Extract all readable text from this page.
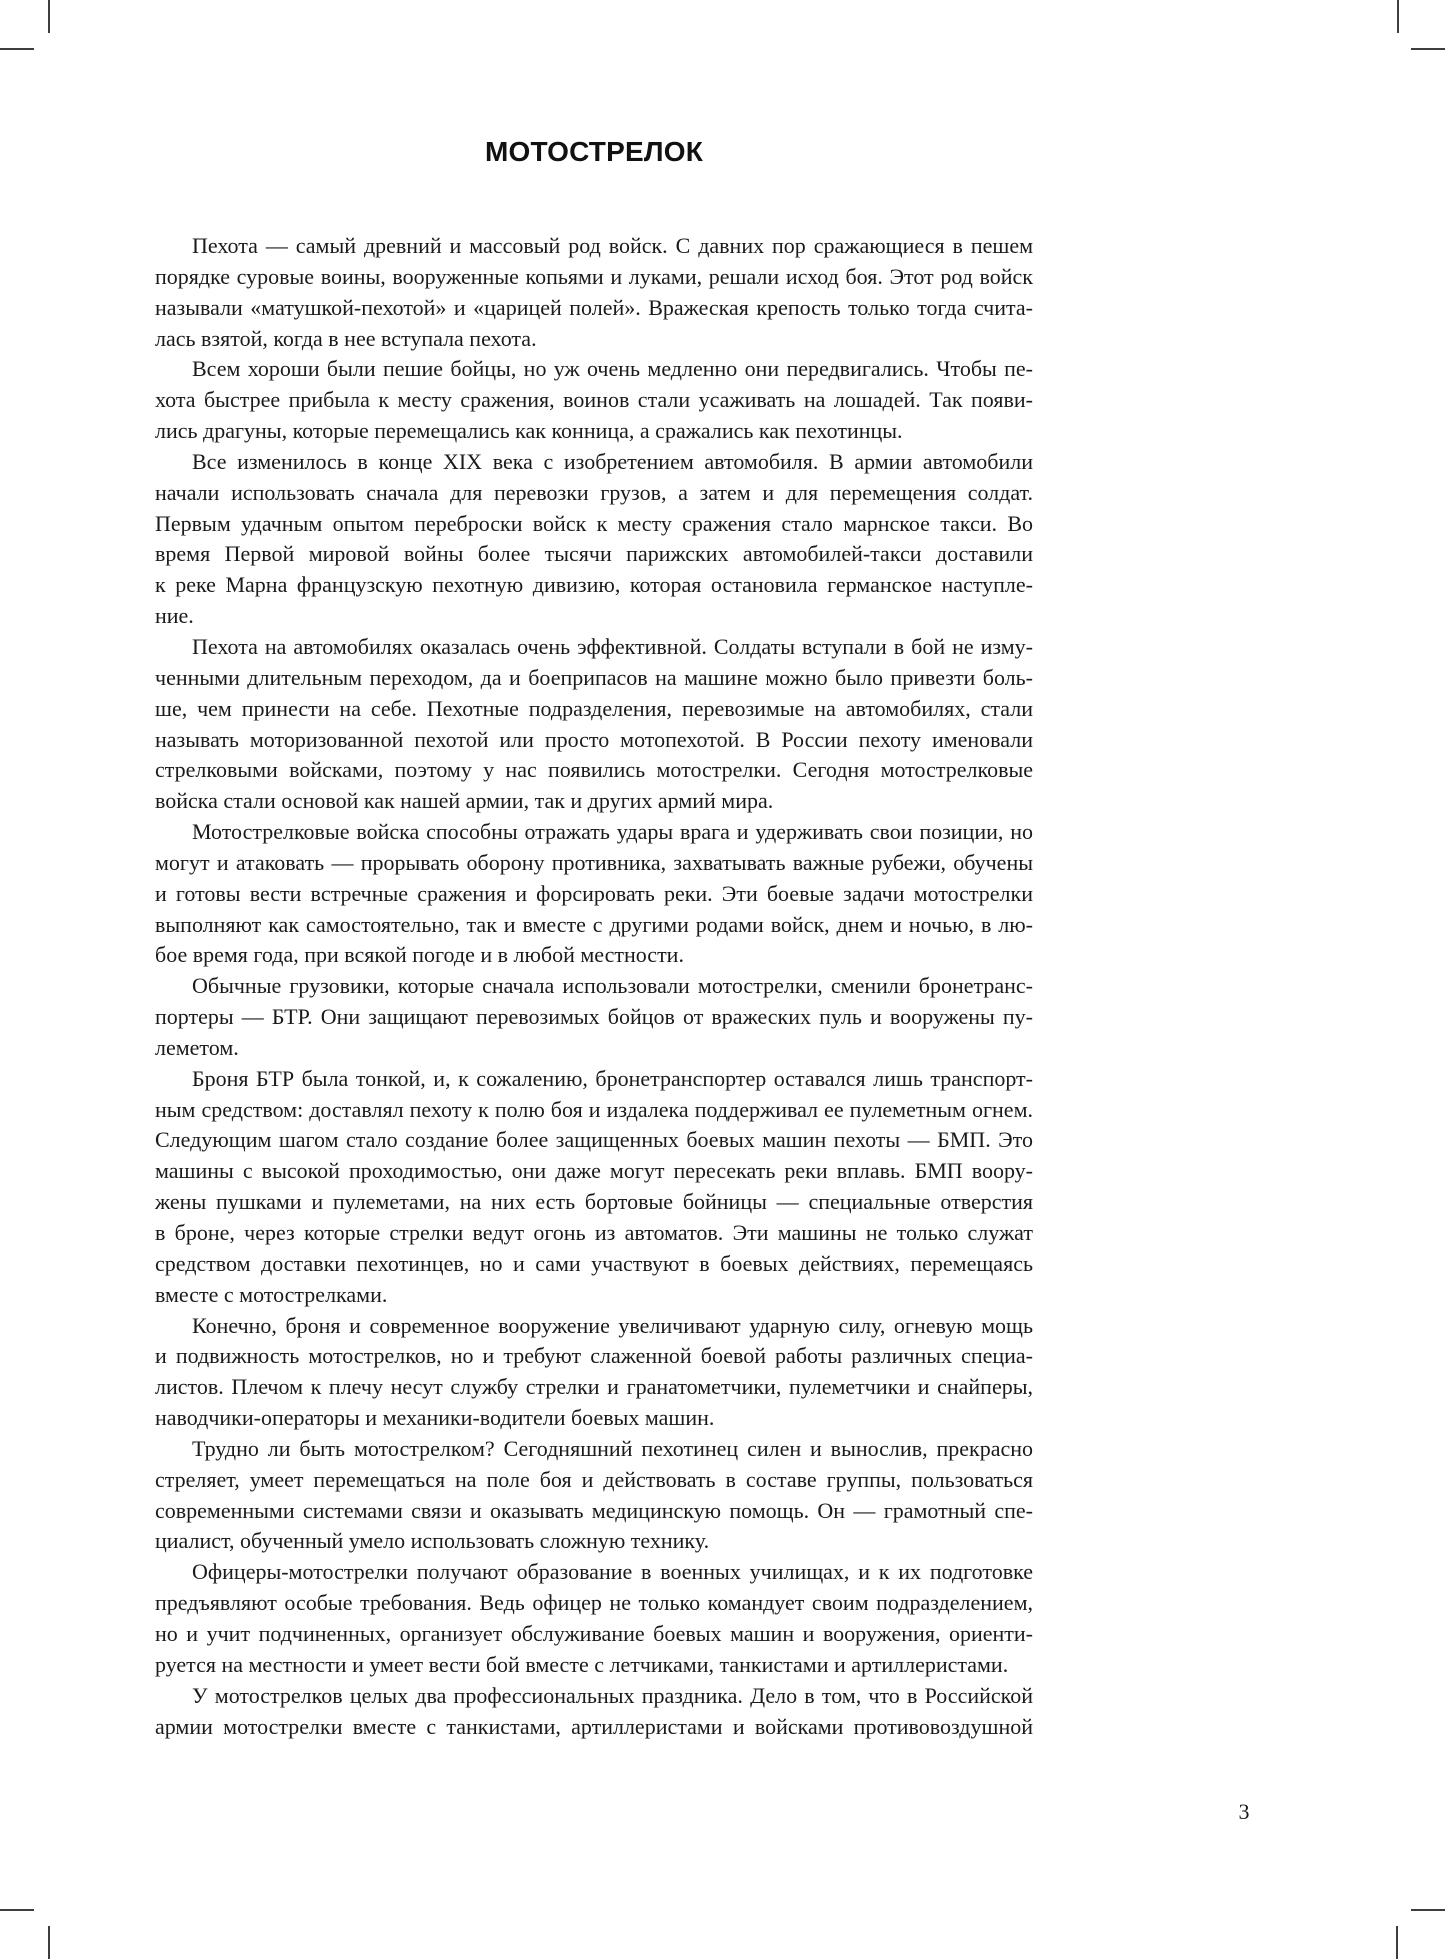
МОТОСТРЕЛОК
Пехота — самый древний и массовый род войск. С давних пор сражающиеся в пешем
порядке суровые воины, вооруженные копьями и луками, решали исход боя. Этот род войск
называли «матушкой-пехотой» и «царицей полей». Вражеская крепость только тогда счита-
лась взятой, когда в нее вступала пехота.
Всем хороши были пешие бойцы, но уж очень медленно они передвигались. Чтобы пе-
хота быстрее прибыла к месту сражения, воинов стали усаживать на лошадей. Так появи-
лись драгуны, которые перемещались как конница, а сражались как пехотинцы.
Все изменилось в конце XIX века с изобретением автомобиля. В армии автомобили
начали использовать сначала для перевозки грузов, а затем и для перемещения солдат.
Первым удачным опытом переброски войск к месту сражения стало марнское такси. Во
время Первой мировой войны более тысячи парижских автомобилей-такси доставили
к реке Марна французскую пехотную дивизию, которая остановила германское наступле-
ние.
Пехота на автомобилях оказалась очень эффективной. Солдаты вступали в бой не изму-
ченными длительным переходом, да и боеприпасов на машине можно было привезти боль-
ше, чем принести на себе. Пехотные подразделения, перевозимые на автомобилях, стали
называть моторизованной пехотой или просто мотопехотой. В России пехоту именовали
стрелковыми войсками, поэтому у нас появились мотострелки. Сегодня мотострелковые
войска стали основой как нашей армии, так и других армий мира.
Мотострелковые войска способны отражать удары врага и удерживать свои позиции, но
могут и атаковать — прорывать оборону противника, захватывать важные рубежи, обучены
и готовы вести встречные сражения и форсировать реки. Эти боевые задачи мотострелки
выполняют как самостоятельно, так и вместе с другими родами войск, днем и ночью, в лю-
бое время года, при всякой погоде и в любой местности.
Обычные грузовики, которые сначала использовали мотострелки, сменили бронетранс-
портеры — БТР. Они защищают перевозимых бойцов от вражеских пуль и вооружены пу-
леметом.
Броня БТР была тонкой, и, к сожалению, бронетранспортер оставался лишь транспорт-
ным средством: доставлял пехоту к полю боя и издалека поддерживал ее пулеметным огнем.
Следующим шагом стало создание более защищенных боевых машин пехоты — БМП. Это
машины с высокой проходимостью, они даже могут пересекать реки вплавь. БМП воору-
жены пушками и пулеметами, на них есть бортовые бойницы — специальные отверстия
в броне, через которые стрелки ведут огонь из автоматов. Эти машины не только служат
средством доставки пехотинцев, но и сами участвуют в боевых действиях, перемещаясь
вместе с мотострелками.
Конечно, броня и современное вооружение увеличивают ударную силу, огневую мощь
и подвижность мотострелков, но и требуют слаженной боевой работы различных специа-
листов. Плечом к плечу несут службу стрелки и гранатометчики, пулеметчики и снайперы,
наводчики-операторы и механики-водители боевых машин.
Трудно ли быть мотострелком? Сегодняшний пехотинец силен и вынослив, прекрасно
стреляет, умеет перемещаться на поле боя и действовать в составе группы, пользоваться
современными системами связи и оказывать медицинскую помощь. Он — грамотный спе-
циалист, обученный умело использовать сложную технику.
Офицеры-мотострелки получают образование в военных училищах, и к их подготовке
предъявляют особые требования. Ведь офицер не только командует своим подразделением,
но и учит подчиненных, организует обслуживание боевых машин и вооружения, ориенти-
руется на местности и умеет вести бой вместе с летчиками, танкистами и артиллеристами.
У мотострелков целых два профессиональных праздника. Дело в том, что в Российской
армии мотострелки вместе с танкистами, артиллеристами и войсками противовоздушной
3
